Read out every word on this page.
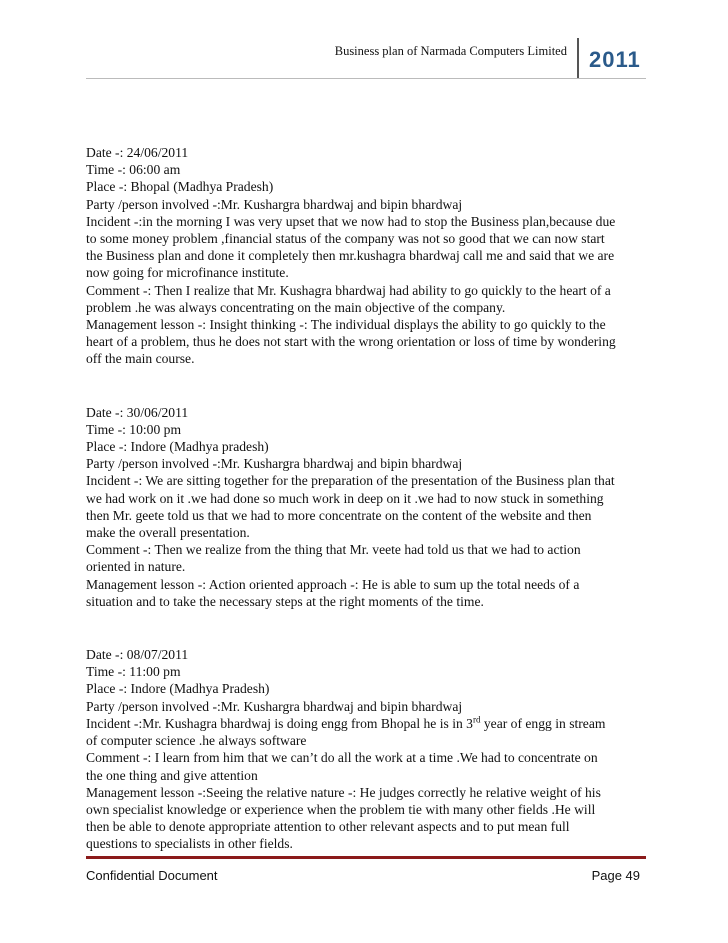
Business plan of Narmada Computers Limited 2011
Date -: 24/06/2011
Time -: 06:00 am
Place -: Bhopal (Madhya Pradesh)
Party /person involved -:Mr. Kushargra bhardwaj and bipin bhardwaj
Incident -:in the morning I was very upset that we now had to stop the Business plan,because due
to some money problem ,financial status of the company was not so good that we can now start
the Business plan and done it completely then mr.kushagra bhardwaj call me and said that we are
now going for microfinance institute.
Comment -: Then I realize that Mr. Kushagra bhardwaj had ability to go quickly to the heart of a
problem .he was always concentrating on the main objective of the company.
Management lesson -: Insight thinking -: The individual displays the ability to go quickly to the
heart of a problem, thus he does not start with the wrong orientation or loss of time by wondering
off the main course.
Date -: 30/06/2011
Time -: 10:00 pm
Place -: Indore (Madhya pradesh)
Party /person involved -:Mr. Kushargra bhardwaj and bipin bhardwaj
Incident -: We are sitting together for the preparation of the presentation of the Business plan that
we had work on it .we had done so much work in deep on it .we had to now stuck in something
then Mr. geete told us that we had to more concentrate on the content of the website and then
make the overall presentation.
Comment -: Then we realize from the thing that Mr. veete had told us that we had to action
oriented in nature.
Management lesson -: Action oriented approach -: He is able to sum up the total needs of a
situation and to take the necessary steps at the right moments of the time.
Date -: 08/07/2011
Time -: 11:00 pm
Place -: Indore (Madhya Pradesh)
Party /person involved -:Mr. Kushargra bhardwaj and bipin bhardwaj
Incident -:Mr. Kushagra bhardwaj is doing engg from Bhopal he is in 3rd year of engg in stream
of computer science .he always software
Comment -: I learn from him that we can’t do all the work at a time .We had to concentrate on
the one thing and give attention
Management lesson -:Seeing the relative nature -: He judges correctly he relative weight of his
own specialist knowledge or experience when the problem tie with many other fields .He will
then be able to denote appropriate attention to other relevant aspects and to put mean full
questions to specialists in other fields.
Confidential Document	Page 49
